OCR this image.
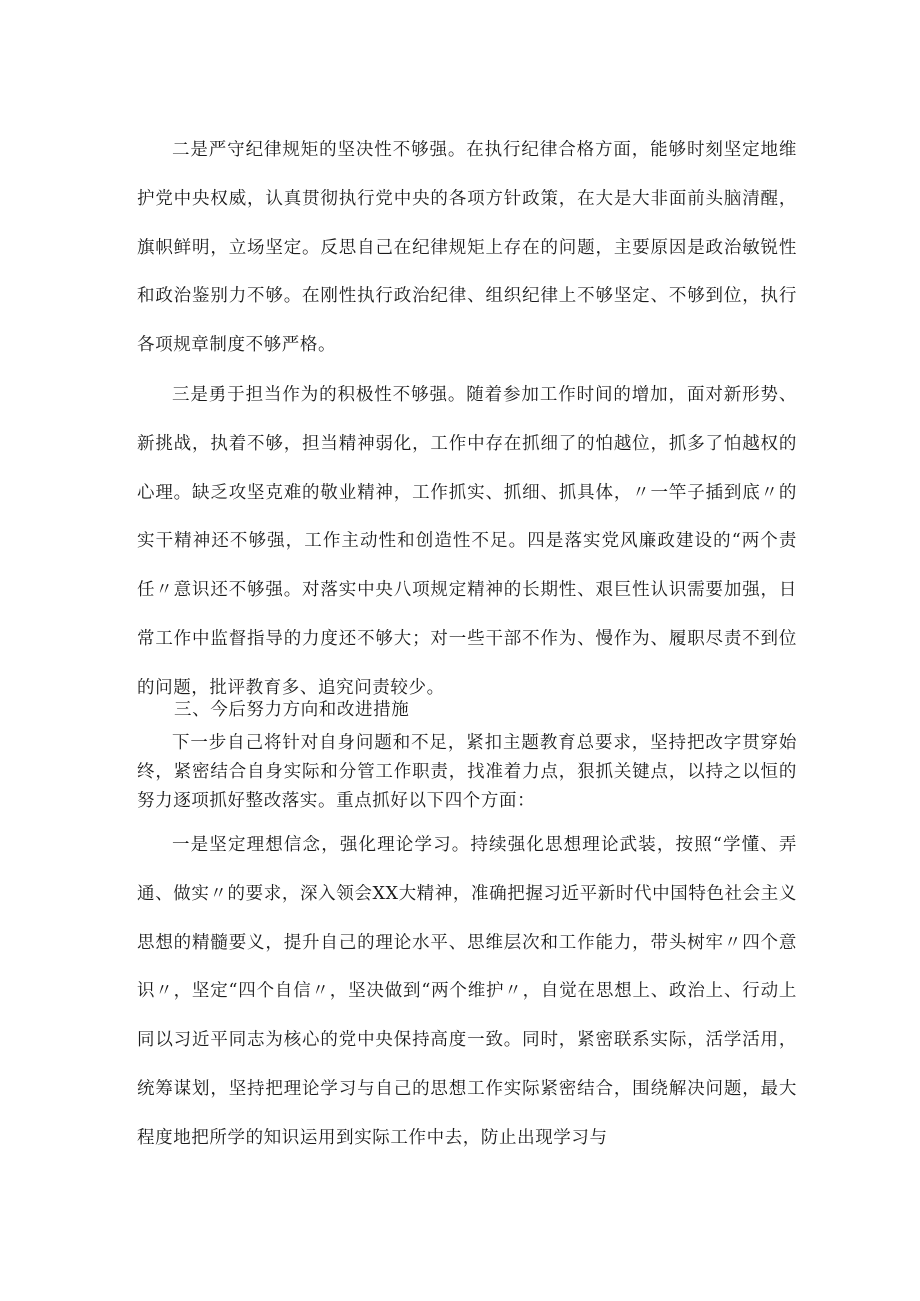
二是严守纪律规矩的坚决性不够强。在执行纪律合格方面，能够时刻坚定地维护党中央权威，认真贯彻执行党中央的各项方针政策，在大是大非面前头脑清醒，旗帜鲜明，立场坚定。反思自己在纪律规矩上存在的问题，主要原因是政治敏锐性和政治鉴别力不够。在刚性执行政治纪律、组织纪律上不够坚定、不够到位，执行各项规章制度不够严格。

三是勇于担当作为的积极性不够强。随着参加工作时间的增加，面对新形势、新挑战，执着不够，担当精神弱化，工作中存在抓细了的怕越位，抓多了怕越权的心理。缺乏攻坚克难的敬业精神，工作抓实、抓细、抓具体，〃一竿子插到底〃的实干精神还不够强，工作主动性和创造性不足。四是落实党风廉政建设的“两个责任〃意识还不够强。对落实中央八项规定精神的长期性、艰巨性认识需要加强，日常工作中监督指导的力度还不够大；对一些干部不作为、慢作为、履职尽责不到位的问题，批评教育多、追究问责较少。

三、今后努力方向和改进措施

下一步自己将针对自身问题和不足，紧扣主题教育总要求，坚持把改字贯穿始终，紧密结合自身实际和分管工作职责，找准着力点，狠抓关键点，以持之以恒的努力逐项抓好整改落实。重点抓好以下四个方面：

一是坚定理想信念，强化理论学习。持续强化思想理论武装，按照“学懂、弄通、做实〃的要求，深入领会XX大精神，准确把握习近平新时代中国特色社会主义思想的精髓要义，提升自己的理论水平、思维层次和工作能力，带头树牢〃四个意识〃，坚定“四个自信〃，坚决做到“两个维护〃，自觉在思想上、政治上、行动上同以习近平同志为核心的党中央保持高度一致。同时，紧密联系实际，活学活用，统筹谋划，坚持把理论学习与自己的思想工作实际紧密结合，围绕解决问题，最大程度地把所学的知识运用到实际工作中去，防止出现学习与
